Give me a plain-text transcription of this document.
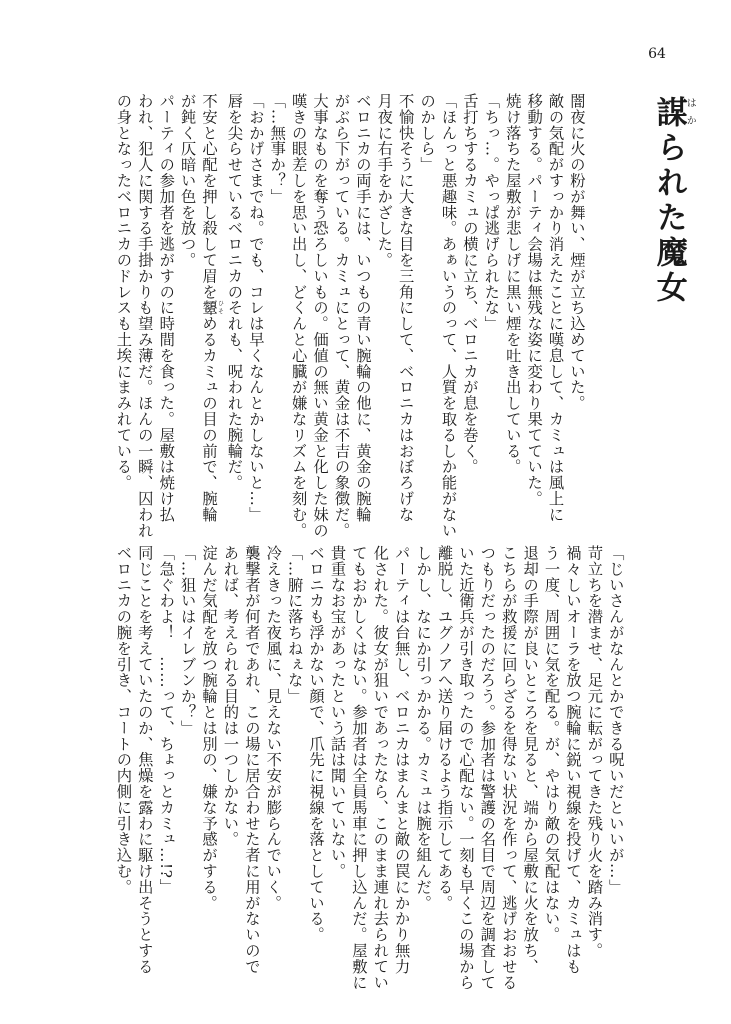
64
謀はかられた魔女

闇夜に火の粉が舞い、煙が立ち込めていた。

敵の気配がすっかり消えたことに嘆息して、カミュは風上に

移動する。パーティ会場は無残な姿に変わり果てていた。

焼け落ちた屋敷が悲しげに黒い煙を吐き出している。

「ちっ…。やっぱ逃げられたな」

舌打ちするカミュの横に立ち、ベロニカが息を巻く。

「ほんっと悪趣味。あぁいうのって、人質を取るしか能がない

のかしら」

不愉快そうに大きな目を三角にして、ベロニカはおぼろげな

月夜に右手をかざした。

ベロニカの両手には、いつもの青い腕輪の他に、黄金の腕輪

がぶら下がっている。カミュにとって、黄金は不吉の象徴だ。

大事なものを奪う恐ろしいもの。価値の無い黄金と化した妹の

嘆きの眼差しを思い出し、どくんと心臓が嫌なリズムを刻む。

「…無事か？」

「おかげさまでね。でも、コレは早くなんとかしないと…」

唇を尖らせているベロニカのそれも、呪われた腕輪だ。

不安と心配を押し殺して眉を顰ひそめるカミュの目の前で、腕輪

が鈍く仄暗い色を放つ。

パーティの参加者を逃がすのに時間を食った。屋敷は焼け払

われ、犯人に関する手掛かりも望み薄だ。ほんの一瞬、囚われ

の身となったベロニカのドレスも土埃にまみれている。

「じいさんがなんとかできる呪いだといいが…」

苛立ちを潜ませ、足元に転がってきた残り火を踏み消す。

禍々しいオーラを放つ腕輪に鋭い視線を投げて、カミュはも

う一度、周囲に気を配る。が、やはり敵の気配はない。

退却の手際が良いところを見ると、端から屋敷に火を放ち、

こちらが救援に回らざるを得ない状況を作って、逃げおおせる

つもりだったのだろう。参加者は警護の名目で周辺を調査して

いた近衛兵が引き取ったので心配ない。一刻も早くこの場から

離脱し、ユグノアへ送り届けるよう指示してある。

しかし、なにか引っかかる。カミュは腕を組んだ。

パーティは台無し、ベロニカはまんまと敵の罠にかかり無力

化された。彼女が狙いであったなら、このまま連れ去られてい

てもおかしくはない。参加者は全員馬車に押し込んだ。屋敷に

貴重なお宝があったという話は聞いていない。

ベロニカも浮かない顔で、爪先に視線を落としている。

「…腑に落ちねぇな」

冷えきった夜風に、見えない不安が膨らんでいく。

襲撃者が何者であれ、この場に居合わせた者に用がないので

あれば、考えられる目的は一つしかない。

淀んだ気配を放つ腕輪とは別の、嫌な予感がする。

「…狙いはイレブンか？」

「急ぐわよ！　……って、ちょっとカミュ…!?」

同じことを考えていたのか、焦燥を露わに駆け出そうとする

ベロニカの腕を引き、コートの内側に引き込む。
